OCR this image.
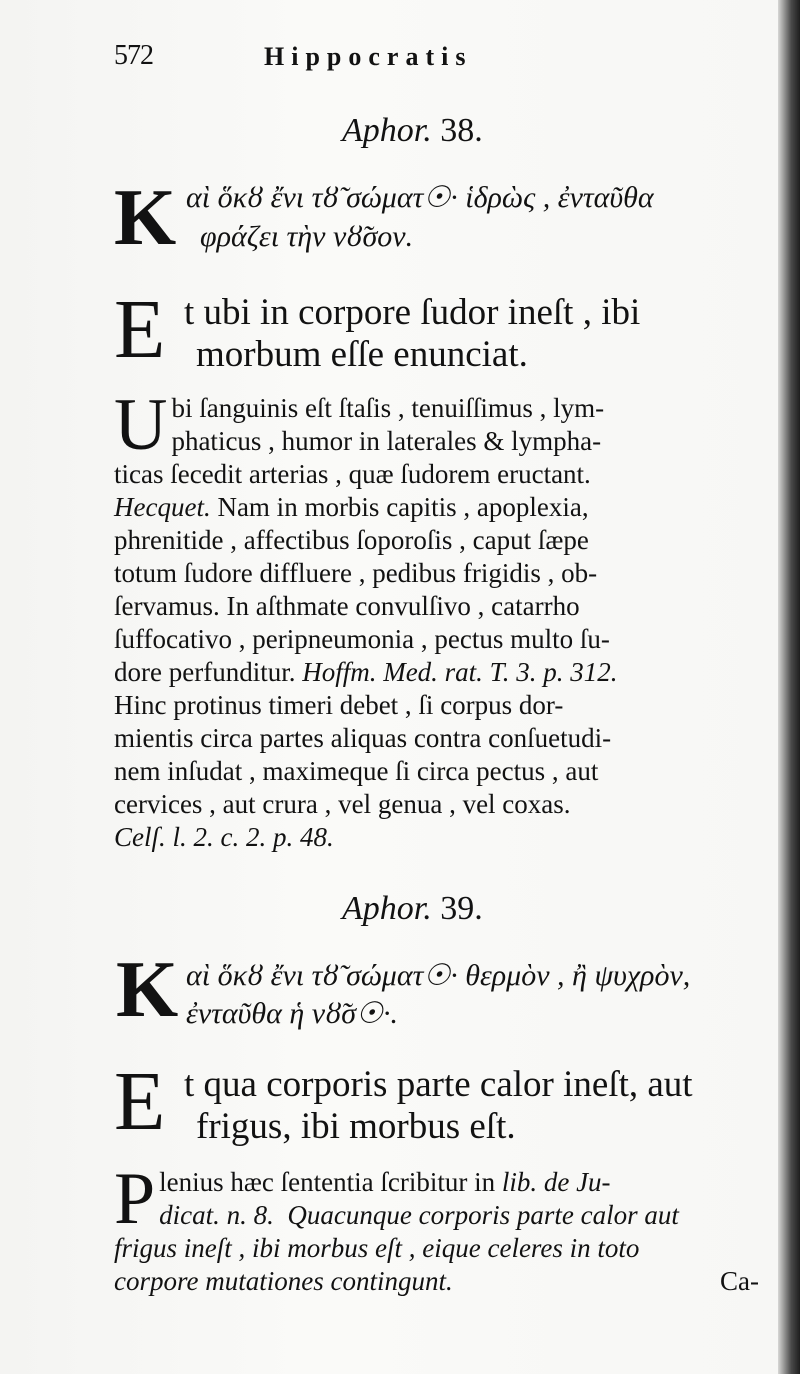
572	Hippocratis
Aphor. 38.
K αὶ ὅκȣ ἔνι τȣ̃ σώματ☉· ἱδρὼς , ἐνταῦθα
φράζει τὴν νȣ̃σον.
E t ubi in corpore ſudor ineſt , ibi
morbum eſſe enunciat.
U bi ſanguinis eſt ſtaſis , tenuiſſimus , lym-
phaticus , humor in laterales & lympha-
ticas ſecedit arterias , quæ ſudorem eructant.
Hecquet. Nam in morbis capitis , apoplexia,
phrenitide , affectibus ſoporoſis , caput ſæpe
totum ſudore diffluere , pedibus frigidis , ob-
ſervamus. In aſthmate convulſivo , catarrho
ſuffocativo , peripneumonia , pectus multo ſu-
dore perfunditur. Hoffm. Med. rat. T. 3. p. 312.
Hinc protinus timeri debet , ſi corpus dor-
mientis circa partes aliquas contra conſuetudi-
nem inſudat , maximeque ſi circa pectus , aut
cervices , aut crura , vel genua , vel coxas.
Celſ. l. 2. c. 2. p. 48.
Aphor. 39.
K αὶ ὅκȣ ἔνι τȣ̃ σώματ☉· θερμὸν , ἢ ψυχρὸν,
ἐνταῦθα ἡ νȣ̃σ☉·.
E t qua corporis parte calor ineſt, aut
frigus, ibi morbus eſt.
P lenius hæc ſententia ſcribitur in lib. de Ju-
dicat. n. 8. Quacunque corporis parte calor aut
frigus ineſt , ibi morbus eſt , eique celeres in toto
corpore mutationes contingunt.	Ca-
